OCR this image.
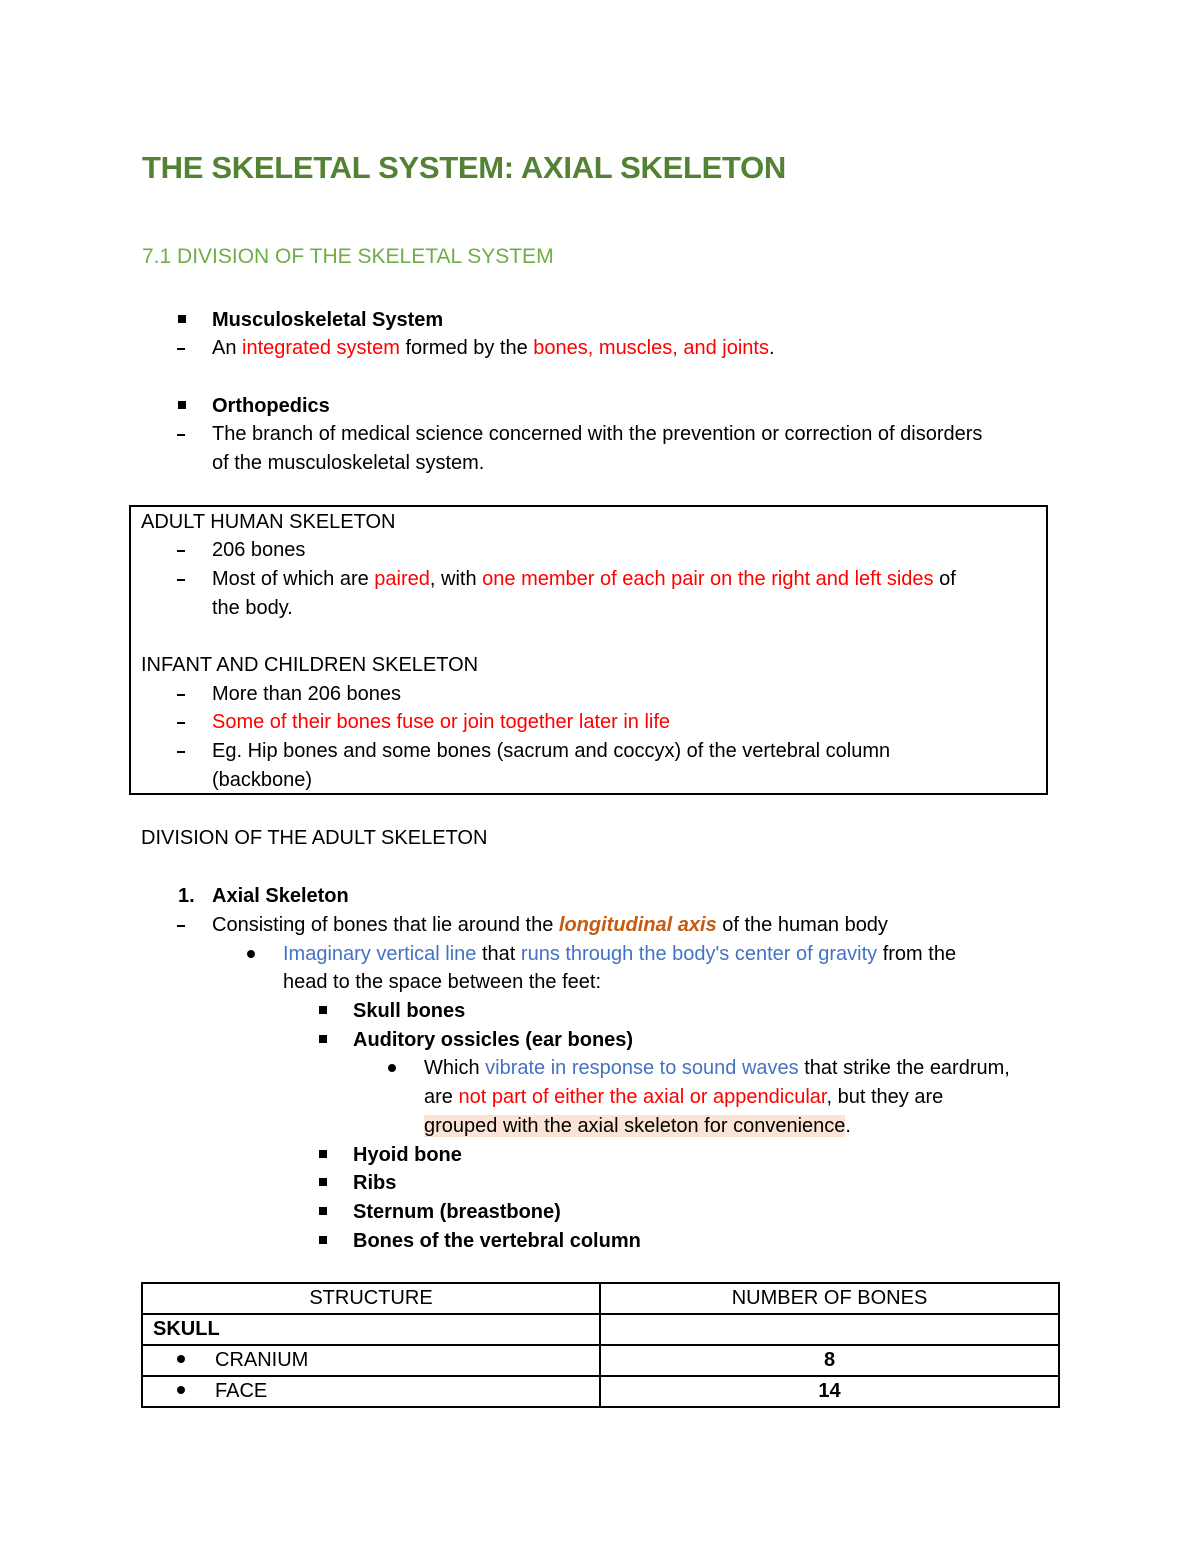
THE SKELETAL SYSTEM: AXIAL SKELETON
7.1 DIVISION OF THE SKELETAL SYSTEM
Musculoskeletal System
An integrated system formed by the bones, muscles, and joints.
Orthopedics
The branch of medical science concerned with the prevention or correction of disorders
of the musculoskeletal system.
ADULT HUMAN SKELETON
206 bones
Most of which are paired, with one member of each pair on the right and left sides of
the body.
INFANT AND CHILDREN SKELETON
More than 206 bones
Some of their bones fuse or join together later in life
Eg. Hip bones and some bones (sacrum and coccyx) of the vertebral column
(backbone)
DIVISION OF THE ADULT SKELETON
1. Axial Skeleton
Consisting of bones that lie around the longitudinal axis of the human body
Imaginary vertical line that runs through the body's center of gravity from the
head to the space between the feet:
Skull bones
Auditory ossicles (ear bones)
Which vibrate in response to sound waves that strike the eardrum,
are not part of either the axial or appendicular, but they are
grouped with the axial skeleton for convenience.
Hyoid bone
Ribs
Sternum (breastbone)
Bones of the vertebral column
STRUCTURE	NUMBER OF BONES
SKULL	
CRANIUM	8
FACE	14
